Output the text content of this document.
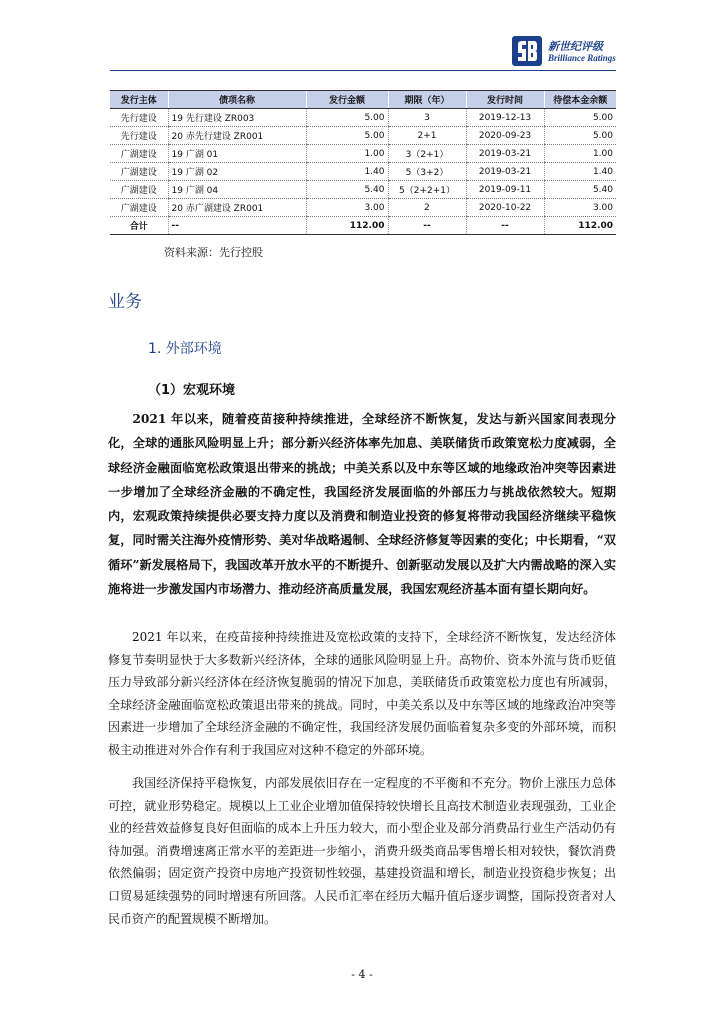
新世纪评级
Brilliance Ratings
发行主体	债项名称	发行金额	期限（年）	发行时间	待偿本金余额
先行建设	19 先行建设 ZR003	5.00	3	2019-12-13	5.00
先行建设	20 赤先行建设 ZR001	5.00	2+1	2020-09-23	5.00
广湖建设	19 广湖 01	1.00	3（2+1）	2019-03-21	1.00
广湖建设	19 广湖 02	1.40	5（3+2）	2019-03-21	1.40
广湖建设	19 广湖 04	5.40	5（2+2+1）	2019-09-11	5.40
广湖建设	20 赤广湖建设 ZR001	3.00	2	2020-10-22	3.00
合计	--	112.00	--	--	112.00
资料来源：先行控股
业务
1. 外部环境
（1）宏观环境

2021 年以来，随着疫苗接种持续推进，全球经济不断恢复，发达与新兴国家间表现分化，全球的通胀风险明显上升；部分新兴经济体率先加息、美联储货币政策宽松力度减弱，全球经济金融面临宽松政策退出带来的挑战；中美关系以及中东等区域的地缘政治冲突等因素进一步增加了全球经济金融的不确定性，我国经济发展面临的外部压力与挑战依然较大。短期内，宏观政策持续提供必要支持力度以及消费和制造业投资的修复将带动我国经济继续平稳恢复，同时需关注海外疫情形势、美对华战略遏制、全球经济修复等因素的变化；中长期看，“双循环”新发展格局下，我国改革开放水平的不断提升、创新驱动发展以及扩大内需战略的深入实施将进一步激发国内市场潜力、推动经济高质量发展，我国宏观经济基本面有望长期向好。

2021 年以来，在疫苗接种持续推进及宽松政策的支持下，全球经济不断恢复，发达经济体修复节奏明显快于大多数新兴经济体，全球的通胀风险明显上升。高物价、资本外流与货币贬值压力导致部分新兴经济体在经济恢复脆弱的情况下加息，美联储货币政策宽松力度也有所减弱，全球经济金融面临宽松政策退出带来的挑战。同时，中美关系以及中东等区域的地缘政治冲突等因素进一步增加了全球经济金融的不确定性，我国经济发展仍面临着复杂多变的外部环境，而积极主动推进对外合作有利于我国应对这种不稳定的外部环境。

我国经济保持平稳恢复，内部发展依旧存在一定程度的不平衡和不充分。物价上涨压力总体可控，就业形势稳定。规模以上工业企业增加值保持较快增长且高技术制造业表现强劲，工业企业的经营效益修复良好但面临的成本上升压力较大，而小型企业及部分消费品行业生产活动仍有待加强。消费增速离正常水平的差距进一步缩小，消费升级类商品零售增长相对较快，餐饮消费依然偏弱；固定资产投资中房地产投资韧性较强，基建投资温和增长，制造业投资稳步恢复；出口贸易延续强势的同时增速有所回落。人民币汇率在经历大幅升值后逐步调整，国际投资者对人民币资产的配置规模不断增加。

- 4 -
